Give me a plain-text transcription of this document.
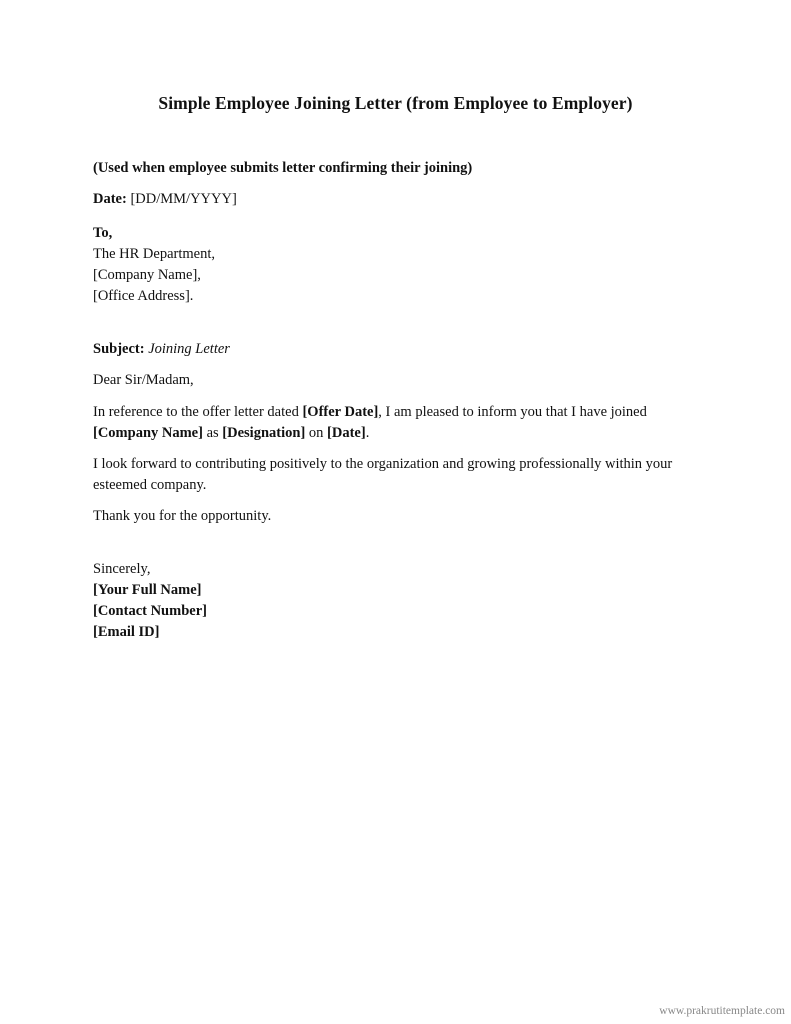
Simple Employee Joining Letter (from Employee to Employer)

(Used when employee submits letter confirming their joining)

Date: [DD/MM/YYYY]

To,

The HR Department,

[Company Name],

[Office Address].

Subject: Joining Letter

Dear Sir/Madam,

In reference to the offer letter dated [Offer Date], I am pleased to inform you that I have joined [Company Name] as [Designation] on [Date].

I look forward to contributing positively to the organization and growing professionally within your esteemed company.

Thank you for the opportunity.

Sincerely,

[Your Full Name]

[Contact Number]

[Email ID]

www.prakrutitemplate.com
